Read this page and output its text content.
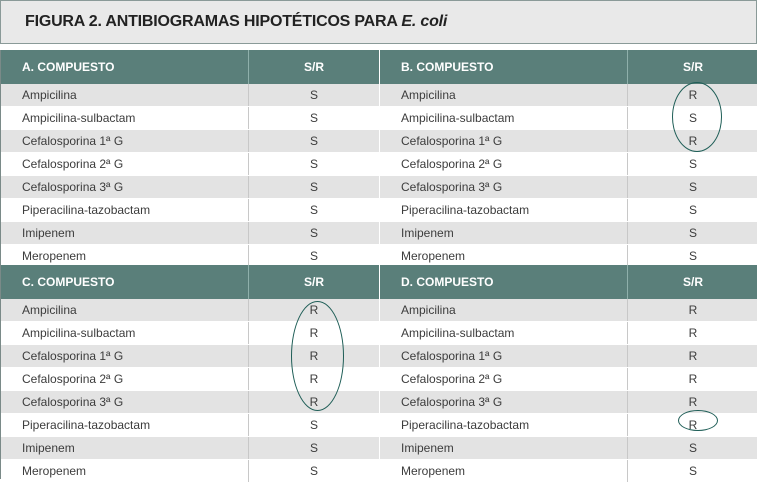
FIGURA 2. ANTIBIOGRAMAS HIPOTÉTICOS PARA E. coli
A. COMPUESTO	S/R
Ampicilina	S
Ampicilina-sulbactam	S
Cefalosporina 1ª G	S
Cefalosporina 2ª G	S
Cefalosporina 3ª G	S
Piperacilina-tazobactam	S
Imipenem	S
Meropenem	S
B. COMPUESTO	S/R
Ampicilina	R
Ampicilina-sulbactam	S
Cefalosporina 1ª G	R
Cefalosporina 2ª G	S
Cefalosporina 3ª G	S
Piperacilina-tazobactam	S
Imipenem	S
Meropenem	S
C. COMPUESTO	S/R
Ampicilina	R
Ampicilina-sulbactam	R
Cefalosporina 1ª G	R
Cefalosporina 2ª G	R
Cefalosporina 3ª G	R
Piperacilina-tazobactam	S
Imipenem	S
Meropenem	S
D. COMPUESTO	S/R
Ampicilina	R
Ampicilina-sulbactam	R
Cefalosporina 1ª G	R
Cefalosporina 2ª G	R
Cefalosporina 3ª G	R
Piperacilina-tazobactam	R
Imipenem	S
Meropenem	S
